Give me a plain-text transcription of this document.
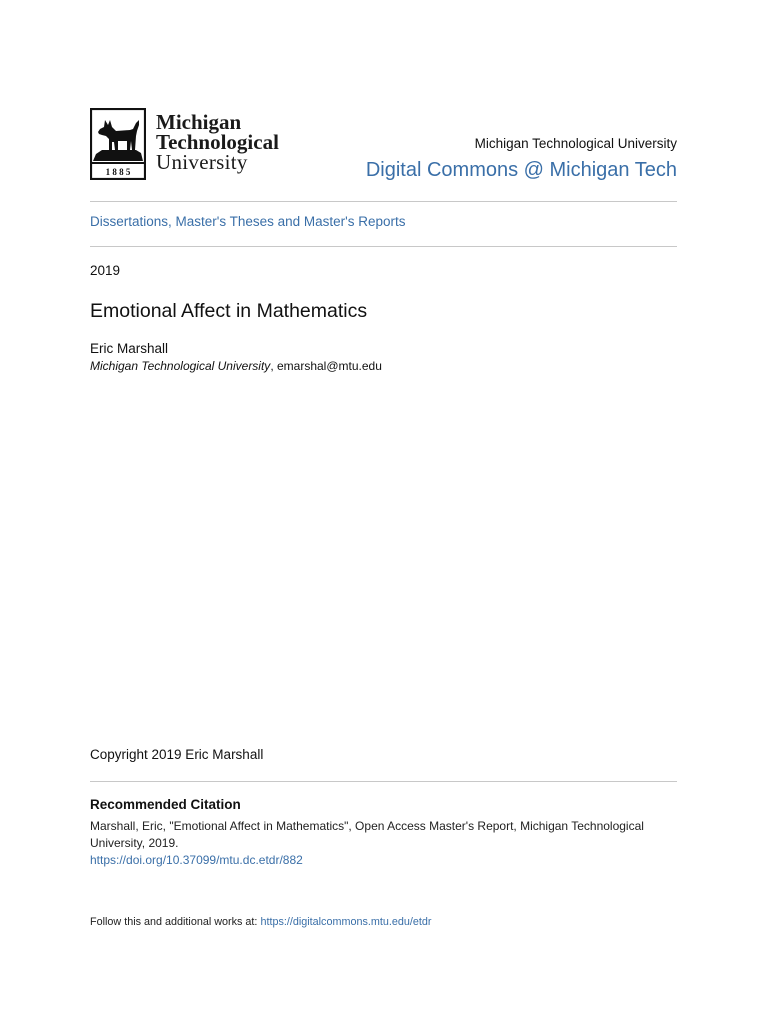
1 8 8 5
Michigan
Technological
University
Michigan Technological University
Digital Commons @ Michigan Tech
Dissertations, Master's Theses and Master's Reports
2019
Emotional Affect in Mathematics
Eric Marshall
Michigan Technological University, emarshal@mtu.edu
Copyright 2019 Eric Marshall
Recommended Citation
Marshall, Eric, "Emotional Affect in Mathematics", Open Access Master's Report, Michigan Technological University, 2019.
https://doi.org/10.37099/mtu.dc.etdr/882
Follow this and additional works at: https://digitalcommons.mtu.edu/etdr
